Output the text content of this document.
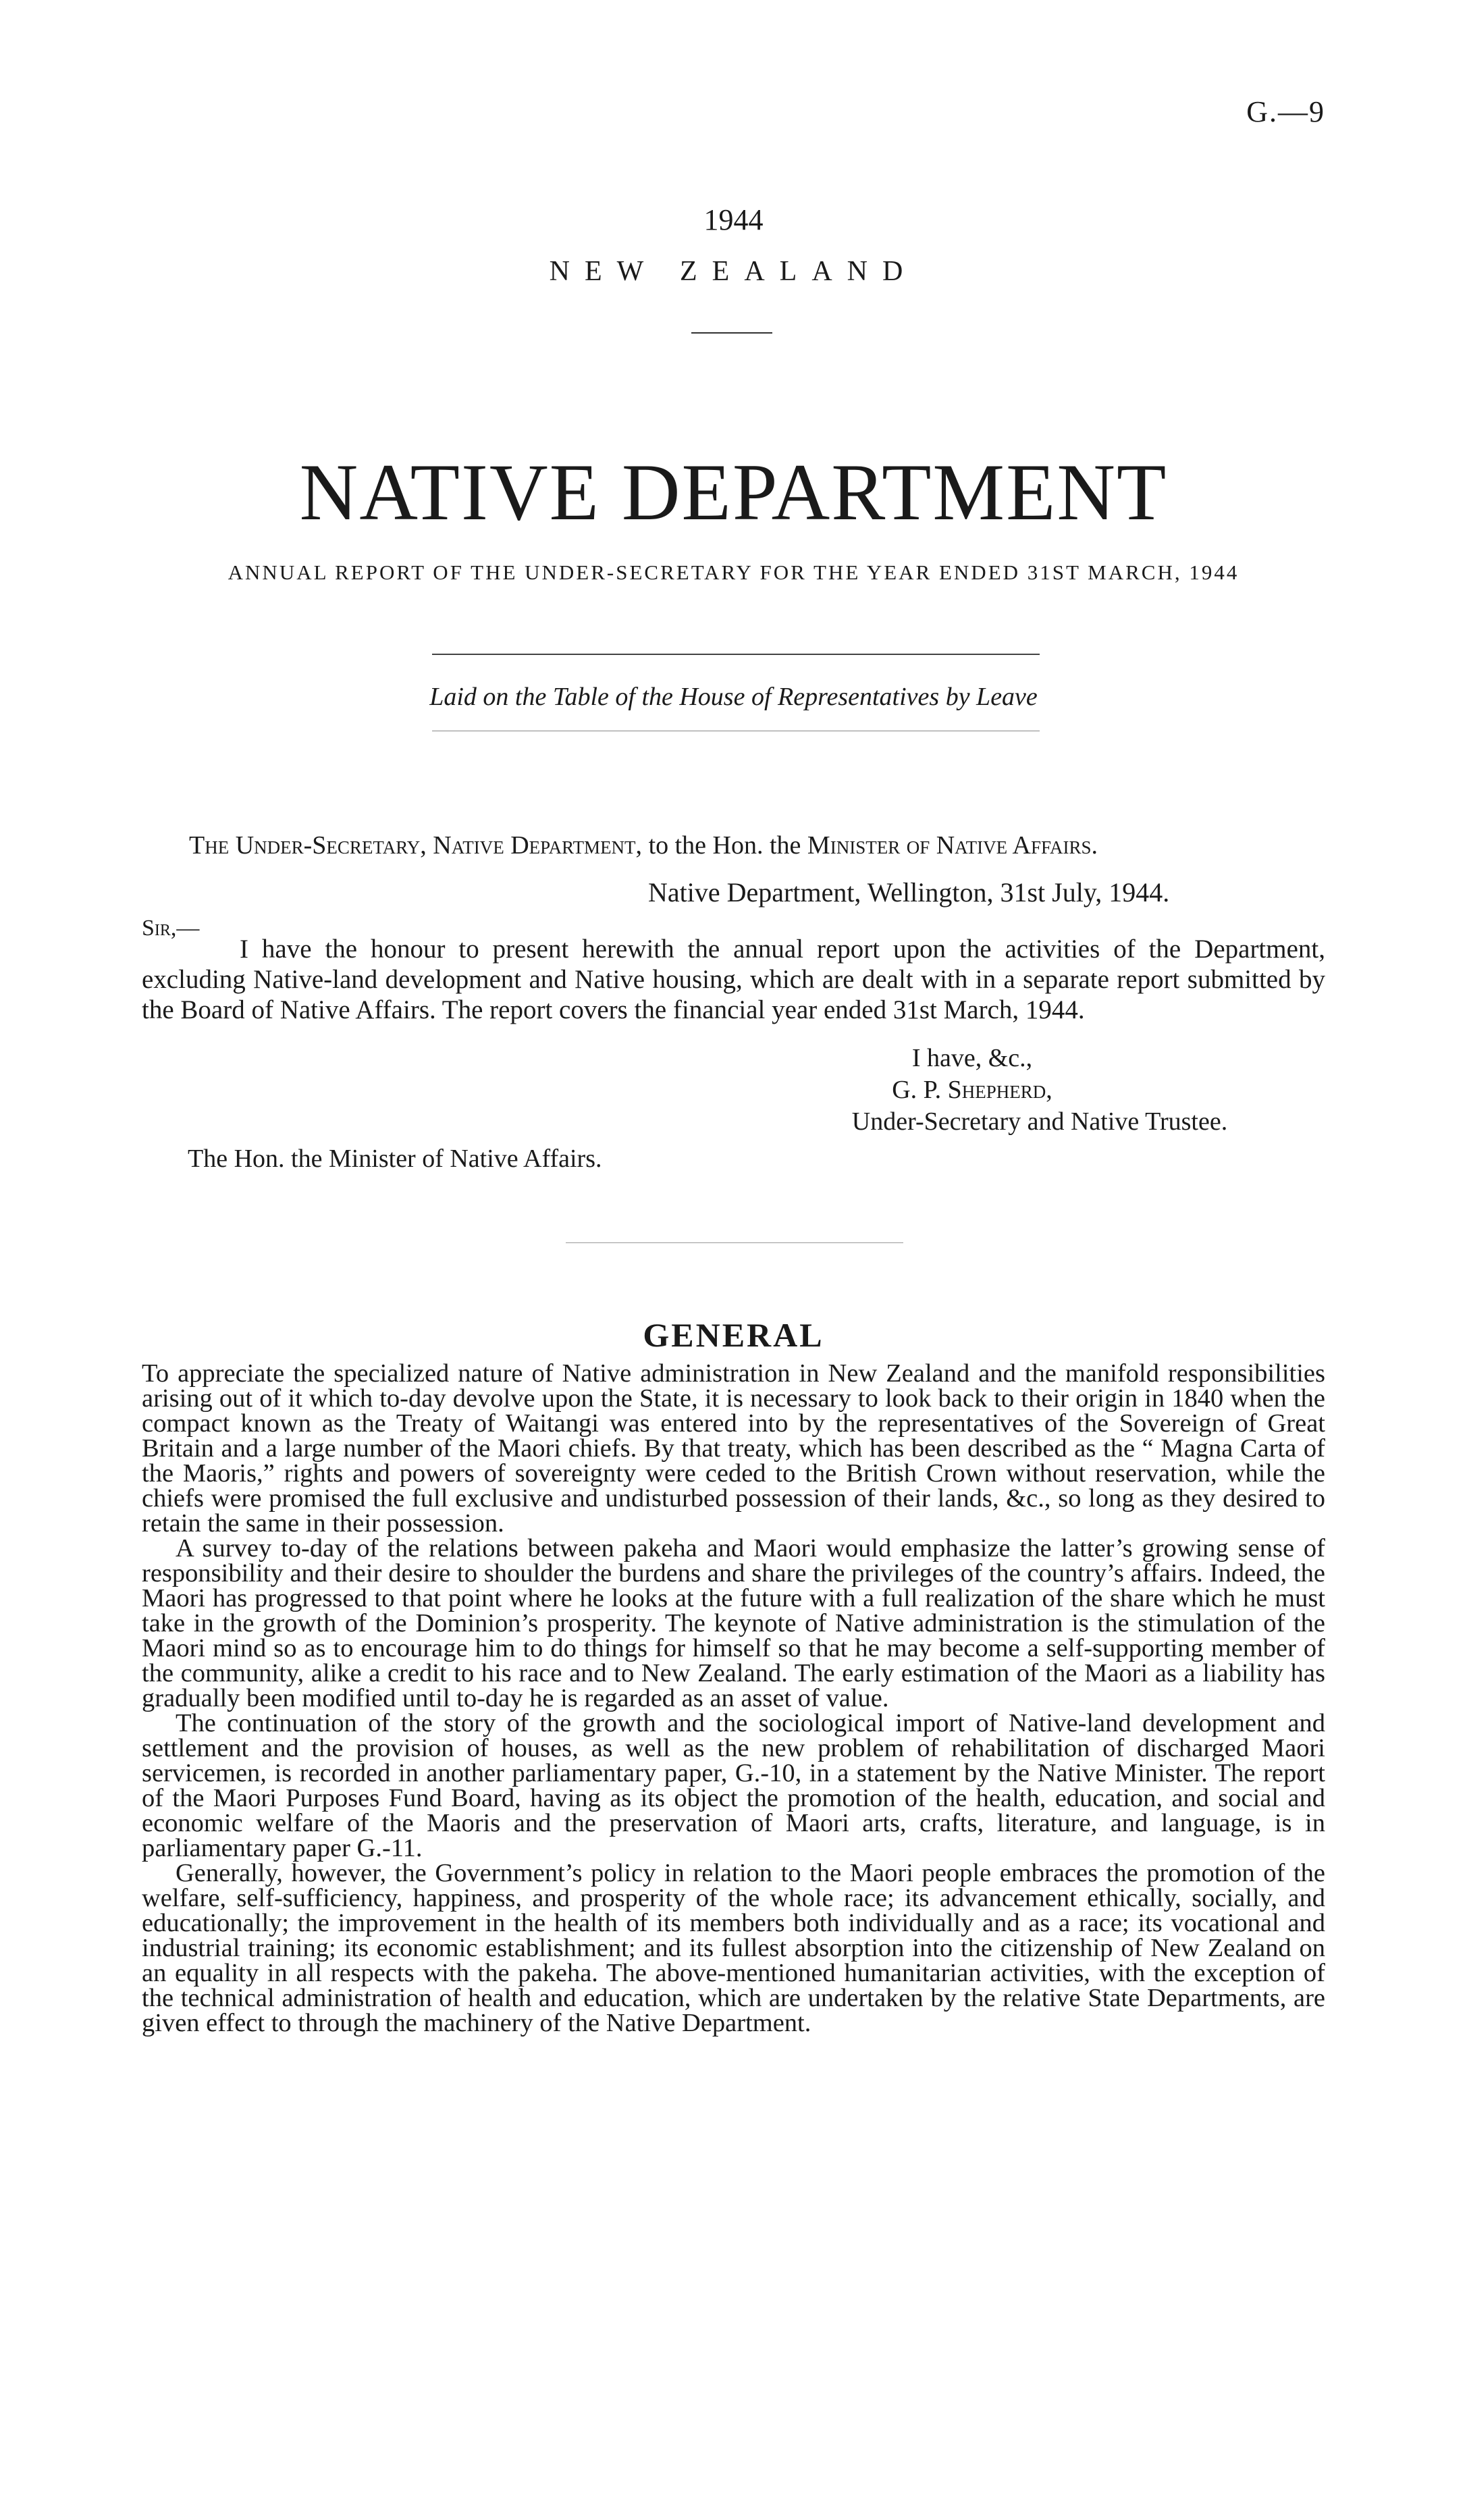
G.—9
1944
NEW ZEALAND
NATIVE DEPARTMENT
ANNUAL REPORT OF THE UNDER-SECRETARY FOR THE YEAR ENDED 31ST MARCH, 1944
Laid on the Table of the House of Representatives by Leave
The Under-Secretary, Native Department, to the Hon. the Minister of Native Affairs.
Native Department, Wellington, 31st July, 1944.
Sir,—
I have the honour to present herewith the annual report upon the activities of the Department, excluding Native-land development and Native housing, which are dealt with in a separate report submitted by the Board of Native Affairs. The report covers the financial year ended 31st March, 1944.
I have, &c.,
G. P. Shepherd,
Under-Secretary and Native Trustee.
The Hon. the Minister of Native Affairs.
GENERAL

To appreciate the specialized nature of Native administration in New Zealand and the manifold responsibilities arising out of it which to-day devolve upon the State, it is necessary to look back to their origin in 1840 when the compact known as the Treaty of Waitangi was entered into by the representatives of the Sovereign of Great Britain and a large number of the Maori chiefs. By that treaty, which has been described as the “ Magna Carta of the Maoris,” rights and powers of sovereignty were ceded to the British Crown without reservation, while the chiefs were promised the full exclusive and undisturbed possession of their lands, &c., so long as they desired to retain the same in their possession.

A survey to-day of the relations between pakeha and Maori would emphasize the latter’s growing sense of responsibility and their desire to shoulder the burdens and share the privileges of the country’s affairs. Indeed, the Maori has progressed to that point where he looks at the future with a full realization of the share which he must take in the growth of the Dominion’s prosperity. The keynote of Native administration is the stimulation of the Maori mind so as to encourage him to do things for himself so that he may become a self-supporting member of the community, alike a credit to his race and to New Zealand. The early estimation of the Maori as a liability has gradually been modified until to-day he is regarded as an asset of value.

The continuation of the story of the growth and the sociological import of Native-land development and settlement and the provision of houses, as well as the new problem of rehabilitation of discharged Maori servicemen, is recorded in another parliamentary paper, G.-10, in a statement by the Native Minister. The report of the Maori Purposes Fund Board, having as its object the promotion of the health, education, and social and economic welfare of the Maoris and the preservation of Maori arts, crafts, literature, and language, is in parliamentary paper G.-11.

Generally, however, the Government’s policy in relation to the Maori people embraces the promotion of the welfare, self-sufficiency, happiness, and prosperity of the whole race; its advancement ethically, socially, and educationally; the improvement in the health of its members both individually and as a race; its vocational and industrial training; its economic establishment; and its fullest absorption into the citizenship of New Zealand on an equality in all respects with the pakeha. The above-mentioned humanitarian activities, with the exception of the technical administration of health and education, which are undertaken by the relative State Departments, are given effect to through the machinery of the Native Department.
